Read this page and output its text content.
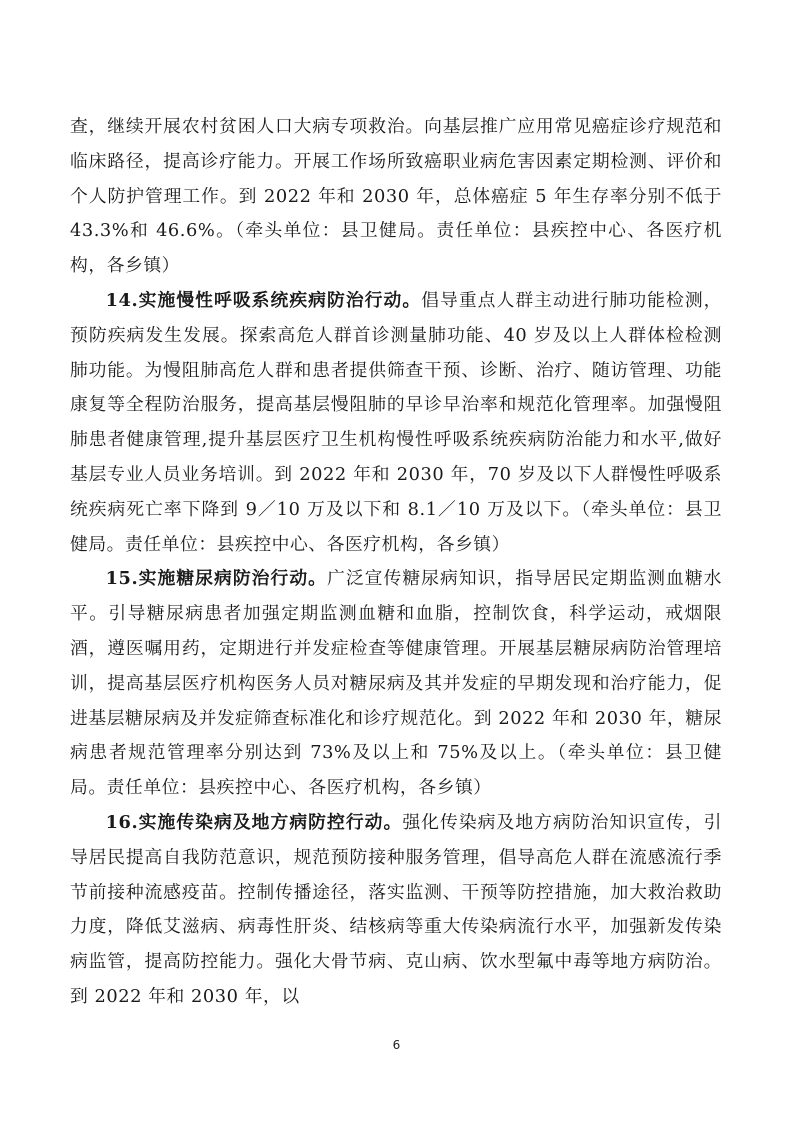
查，继续开展农村贫困人口大病专项救治。向基层推广应用常见癌症诊疗规范和临床路径，提高诊疗能力。开展工作场所致癌职业病危害因素定期检测、评价和个人防护管理工作。到 2022 年和 2030 年，总体癌症 5 年生存率分别不低于 43.3%和 46.6%。（牵头单位：县卫健局。责任单位：县疾控中心、各医疗机构，各乡镇）

14.实施慢性呼吸系统疾病防治行动。倡导重点人群主动进行肺功能检测，预防疾病发生发展。探索高危人群首诊测量肺功能、40 岁及以上人群体检检测肺功能。为慢阻肺高危人群和患者提供筛查干预、诊断、治疗、随访管理、功能康复等全程防治服务，提高基层慢阻肺的早诊早治率和规范化管理率。加强慢阻肺患者健康管理,提升基层医疗卫生机构慢性呼吸系统疾病防治能力和水平,做好基层专业人员业务培训。到 2022 年和 2030 年，70 岁及以下人群慢性呼吸系统疾病死亡率下降到 9／10 万及以下和 8.1／10 万及以下。（牵头单位：县卫健局。责任单位：县疾控中心、各医疗机构，各乡镇）

15.实施糖尿病防治行动。广泛宣传糖尿病知识，指导居民定期监测血糖水平。引导糖尿病患者加强定期监测血糖和血脂，控制饮食，科学运动，戒烟限酒，遵医嘱用药，定期进行并发症检查等健康管理。开展基层糖尿病防治管理培训，提高基层医疗机构医务人员对糖尿病及其并发症的早期发现和治疗能力，促进基层糖尿病及并发症筛查标准化和诊疗规范化。到 2022 年和 2030 年，糖尿病患者规范管理率分别达到 73%及以上和 75%及以上。（牵头单位：县卫健局。责任单位：县疾控中心、各医疗机构，各乡镇）

16.实施传染病及地方病防控行动。强化传染病及地方病防治知识宣传，引导居民提高自我防范意识，规范预防接种服务管理，倡导高危人群在流感流行季节前接种流感疫苗。控制传播途径，落实监测、干预等防控措施，加大救治救助力度，降低艾滋病、病毒性肝炎、结核病等重大传染病流行水平，加强新发传染病监管，提高防控能力。强化大骨节病、克山病、饮水型氟中毒等地方病防治。到 2022 年和 2030 年，以

6
